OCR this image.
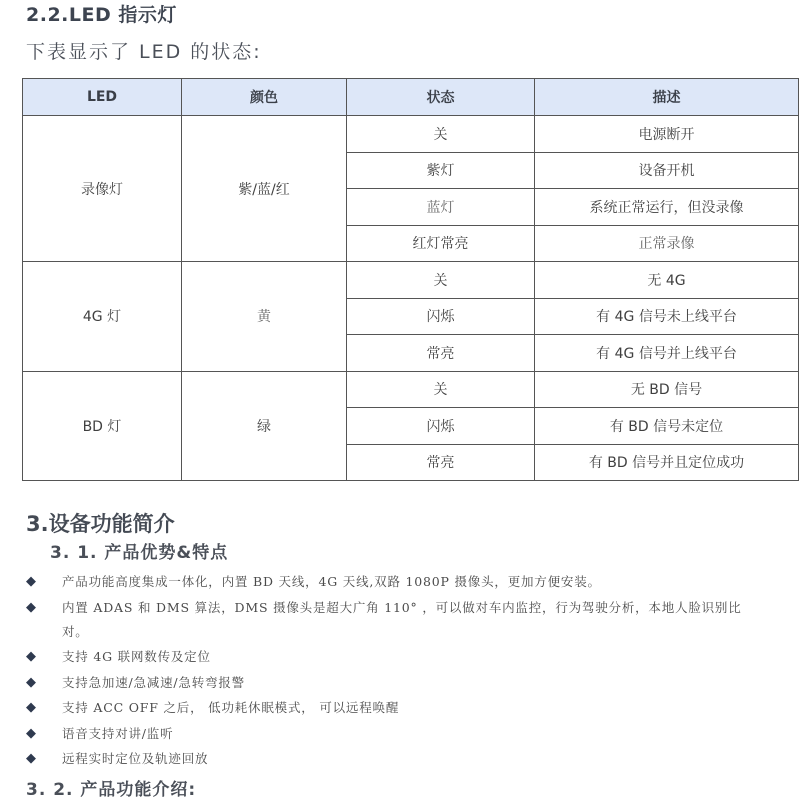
2.2.LED 指示灯
下表显示了 LED 的状态:
LED	颜色	状态	描述
录像灯	紫/蓝/红	关	电源断开
		紫灯	设备开机
		蓝灯	系统正常运行，但没录像
		红灯常亮	正常录像
4G 灯	黄	关	无 4G
		闪烁	有 4G 信号未上线平台
		常亮	有 4G 信号并上线平台
BD 灯	绿	关	无 BD 信号
		闪烁	有 BD 信号未定位
		常亮	有 BD 信号并且定位成功
3.设备功能简介
3. 1. 产品优势&特点
◆ 产品功能高度集成一体化，内置 BD 天线，4G 天线,双路 1080P 摄像头，更加方便安装。
◆ 内置 ADAS 和 DMS 算法，DMS 摄像头是超大广角 110° ，可以做对车内监控，行为驾驶分析，本地人脸识别比对。
◆ 支持 4G 联网数传及定位
◆ 支持急加速/急减速/急转弯报警
◆ 支持 ACC OFF 之后， 低功耗休眠模式， 可以远程唤醒
◆ 语音支持对讲/监听
◆ 远程实时定位及轨迹回放
3. 2. 产品功能介绍:
